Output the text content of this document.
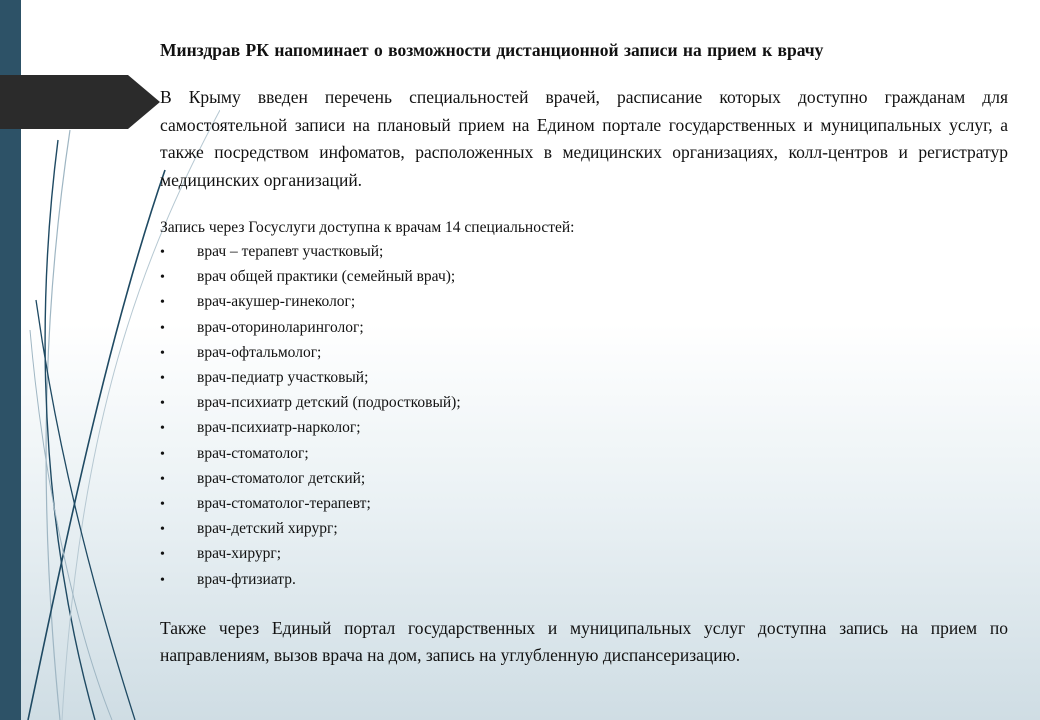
Минздрав РК напоминает о возможности дистанционной записи на прием к врачу

В Крыму введен перечень специальностей врачей, расписание которых доступно гражданам для самостоятельной записи на плановый прием на Едином портале государственных и муниципальных услуг, а также посредством инфоматов, расположенных в медицинских организациях, колл-центров и регистратур медицинских организаций.

Запись через Госуслуги доступна к врачам 14 специальностей:

•	врач – терапевт участковый;
•	врач общей практики (семейный врач);
•	врач-акушер-гинеколог;
•	врач-оториноларинголог;
•	врач-офтальмолог;
•	врач-педиатр участковый;
•	врач-психиатр детский (подростковый);
•	врач-психиатр-нарколог;
•	врач-стоматолог;
•	врач-стоматолог детский;
•	врач-стоматолог-терапевт;
•	врач-детский хирург;
•	врач-хирург;
•	врач-фтизиатр.

Также через Единый портал государственных и муниципальных услуг доступна запись на прием по направлениям, вызов врача на дом, запись на углубленную диспансеризацию.
